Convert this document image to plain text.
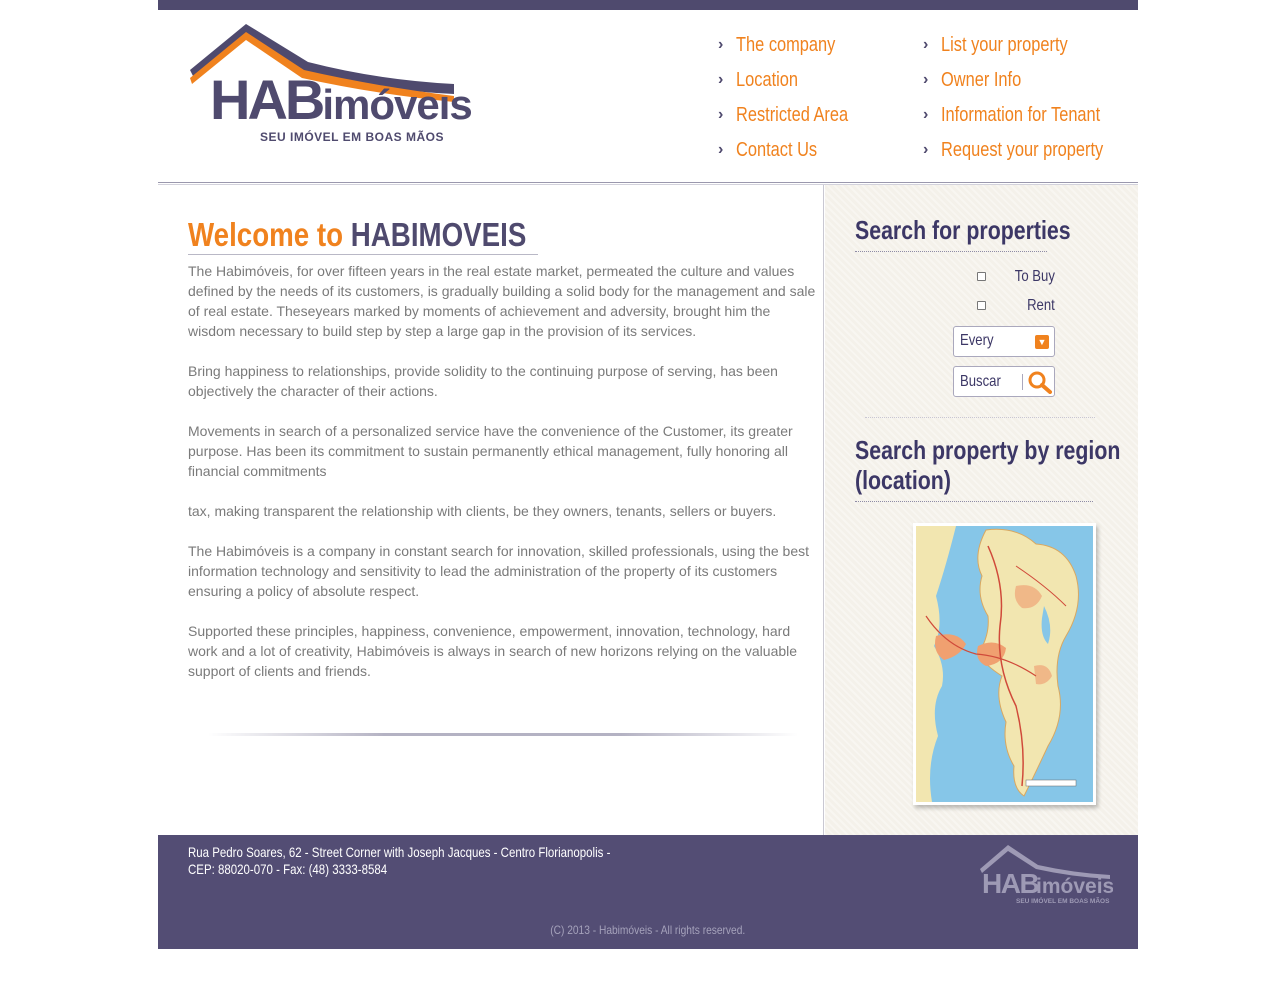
HABimóveis
SEU IMÓVEL EM BOAS MÃOS
› The company
› Location
› Restricted Area
› Contact Us
› List your property
› Owner Info
› Information for Tenant
› Request your property
Welcome to HABIMOVEIS

The Habimóveis, for over fifteen years in the real estate market, permeated the culture and values defined by the needs of its customers, is gradually building a solid body for the management and sale of real estate. Theseyears marked by moments of achievement and adversity, brought him the wisdom necessary to build step by step a large gap in the provision of its services.

Bring happiness to relationships, provide solidity to the continuing purpose of serving, has been objectively the character of their actions.

Movements in search of a personalized service have the convenience of the Customer, its greater purpose. Has been its commitment to sustain permanently ethical management, fully honoring all financial commitments

tax, making transparent the relationship with clients, be they owners, tenants, sellers or buyers.

The Habimóveis is a company in constant search for innovation, skilled professionals, using the best information technology and sensitivity to lead the administration of the property of its customers ensuring a policy of absolute respect.

Supported these principles, happiness, convenience, empowerment, innovation, technology, hard work and a lot of creativity, Habimóveis is always in search of new horizons relying on the valuable support of clients and friends.

Search for properties
To Buy
Rent
Every	▼
Buscar
Search property by region
(location)
Rua Pedro Soares, 62 - Street Corner with Joseph Jacques - Centro Florianopolis -
CEP: 88020-070 - Fax: (48) 3333-8584	HAB
imóveis
SEU IMÓVEL EM BOAS MÃOS
(C) 2013 - Habimóveis - All rights reserved.
